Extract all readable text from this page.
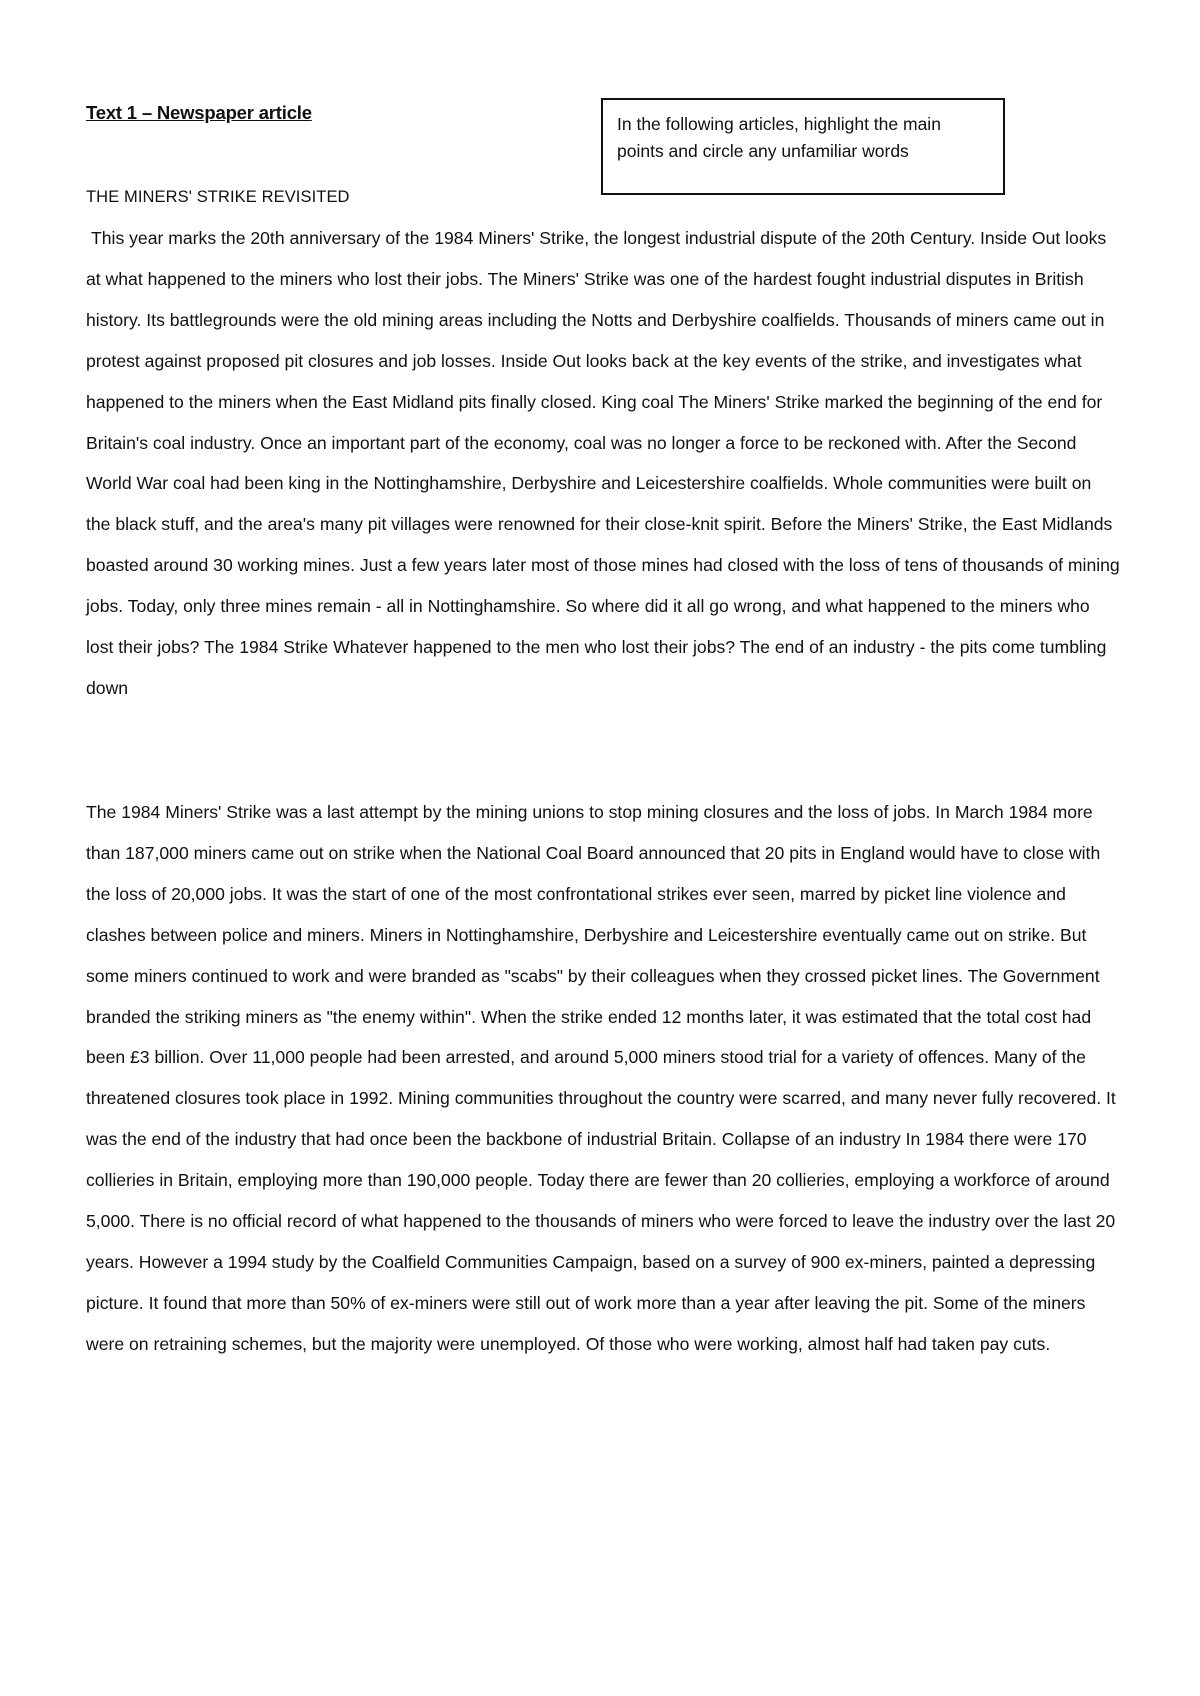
Text 1 – Newspaper article
In the following articles, highlight the main points and circle any unfamiliar words
THE MINERS' STRIKE REVISITED

This year marks the 20th anniversary of the 1984 Miners' Strike, the longest industrial dispute of the 20th Century. Inside Out looks at what happened to the miners who lost their jobs. The Miners' Strike was one of the hardest fought industrial disputes in British history. Its battlegrounds were the old mining areas including the Notts and Derbyshire coalfields. Thousands of miners came out in protest against proposed pit closures and job losses. Inside Out looks back at the key events of the strike, and investigates what happened to the miners when the East Midland pits finally closed. King coal The Miners' Strike marked the beginning of the end for Britain's coal industry. Once an important part of the economy, coal was no longer a force to be reckoned with. After the Second World War coal had been king in the Nottinghamshire, Derbyshire and Leicestershire coalfields. Whole communities were built on the black stuff, and the area's many pit villages were renowned for their close-knit spirit. Before the Miners' Strike, the East Midlands boasted around 30 working mines. Just a few years later most of those mines had closed with the loss of tens of thousands of mining jobs. Today, only three mines remain - all in Nottinghamshire. So where did it all go wrong, and what happened to the miners who lost their jobs? The 1984 Strike Whatever happened to the men who lost their jobs? The end of an industry - the pits come tumbling down

The 1984 Miners' Strike was a last attempt by the mining unions to stop mining closures and the loss of jobs. In March 1984 more than 187,000 miners came out on strike when the National Coal Board announced that 20 pits in England would have to close with the loss of 20,000 jobs. It was the start of one of the most confrontational strikes ever seen, marred by picket line violence and clashes between police and miners. Miners in Nottinghamshire, Derbyshire and Leicestershire eventually came out on strike. But some miners continued to work and were branded as "scabs" by their colleagues when they crossed picket lines. The Government branded the striking miners as "the enemy within". When the strike ended 12 months later, it was estimated that the total cost had been £3 billion. Over 11,000 people had been arrested, and around 5,000 miners stood trial for a variety of offences. Many of the threatened closures took place in 1992. Mining communities throughout the country were scarred, and many never fully recovered. It was the end of the industry that had once been the backbone of industrial Britain. Collapse of an industry In 1984 there were 170 collieries in Britain, employing more than 190,000 people. Today there are fewer than 20 collieries, employing a workforce of around 5,000. There is no official record of what happened to the thousands of miners who were forced to leave the industry over the last 20 years. However a 1994 study by the Coalfield Communities Campaign, based on a survey of 900 ex-miners, painted a depressing picture. It found that more than 50% of ex-miners were still out of work more than a year after leaving the pit. Some of the miners were on retraining schemes, but the majority were unemployed. Of those who were working, almost half had taken pay cuts.
